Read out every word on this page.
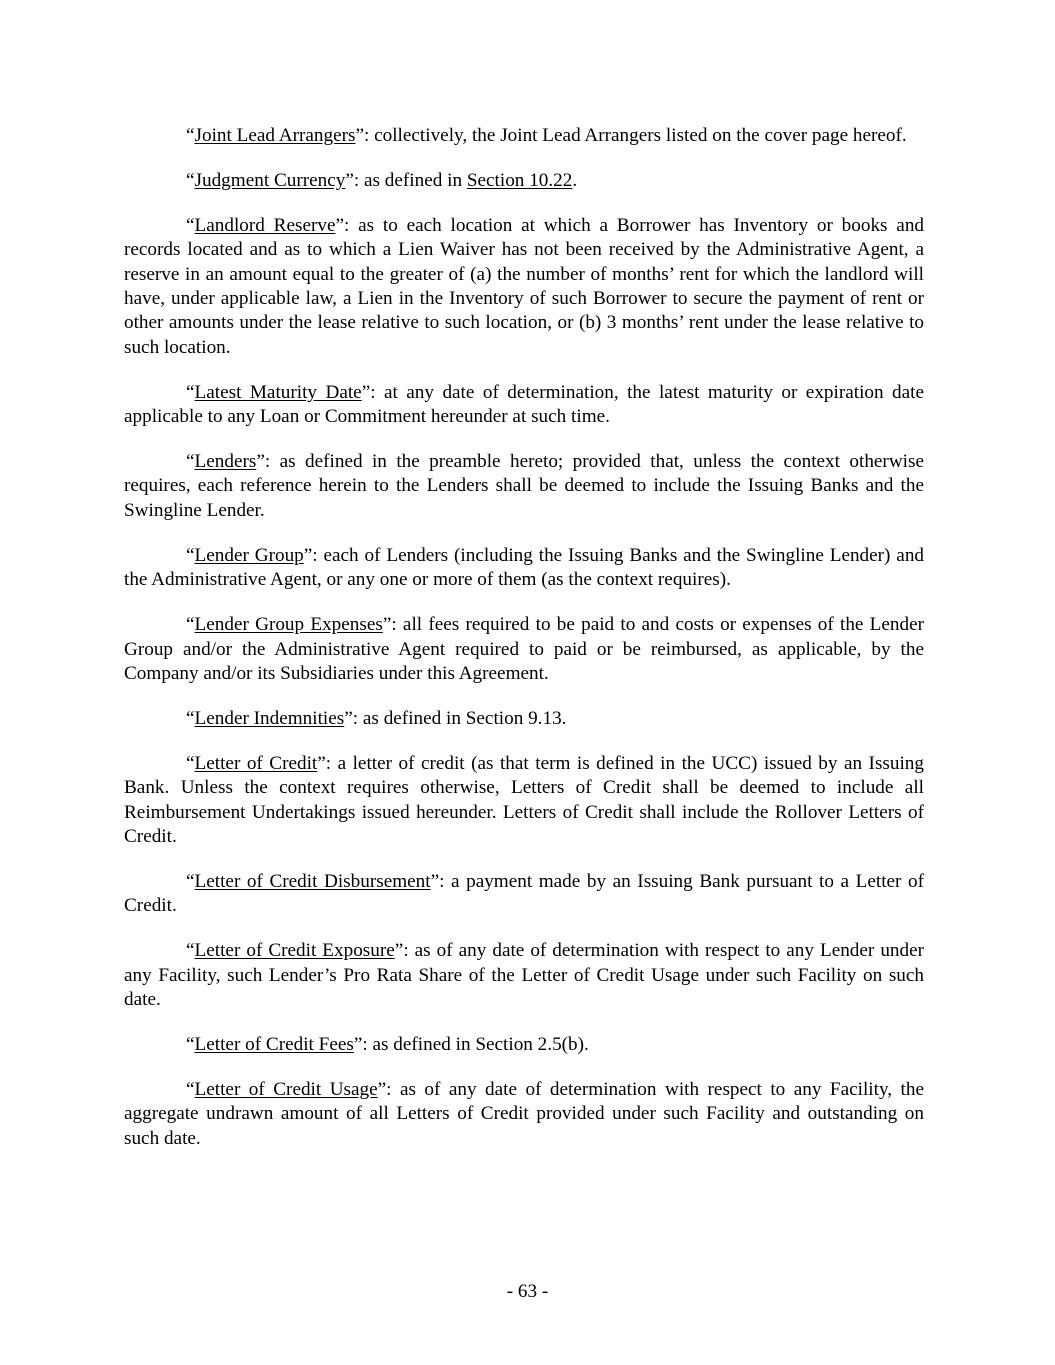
“Joint Lead Arrangers”: collectively, the Joint Lead Arrangers listed on the cover page hereof.

“Judgment Currency”: as defined in Section 10.22.

“Landlord Reserve”: as to each location at which a Borrower has Inventory or books and records located and as to which a Lien Waiver has not been received by the Administrative Agent, a reserve in an amount equal to the greater of (a) the number of months’ rent for which the landlord will have, under applicable law, a Lien in the Inventory of such Borrower to secure the payment of rent or other amounts under the lease relative to such location, or (b) 3 months’ rent under the lease relative to such location.

“Latest Maturity Date”: at any date of determination, the latest maturity or expiration date applicable to any Loan or Commitment hereunder at such time.

“Lenders”: as defined in the preamble hereto; provided that, unless the context otherwise requires, each reference herein to the Lenders shall be deemed to include the Issuing Banks and the Swingline Lender.

“Lender Group”: each of Lenders (including the Issuing Banks and the Swingline Lender) and the Administrative Agent, or any one or more of them (as the context requires).

“Lender Group Expenses”: all fees required to be paid to and costs or expenses of the Lender Group and/or the Administrative Agent required to paid or be reimbursed, as applicable, by the Company and/or its Subsidiaries under this Agreement.

“Lender Indemnities”: as defined in Section 9.13.

“Letter of Credit”: a letter of credit (as that term is defined in the UCC) issued by an Issuing Bank. Unless the context requires otherwise, Letters of Credit shall be deemed to include all Reimbursement Undertakings issued hereunder. Letters of Credit shall include the Rollover Letters of Credit.

“Letter of Credit Disbursement”: a payment made by an Issuing Bank pursuant to a Letter of Credit.

“Letter of Credit Exposure”: as of any date of determination with respect to any Lender under any Facility, such Lender’s Pro Rata Share of the Letter of Credit Usage under such Facility on such date.

“Letter of Credit Fees”: as defined in Section 2.5(b).

“Letter of Credit Usage”: as of any date of determination with respect to any Facility, the aggregate undrawn amount of all Letters of Credit provided under such Facility and outstanding on such date.

- 63 -
